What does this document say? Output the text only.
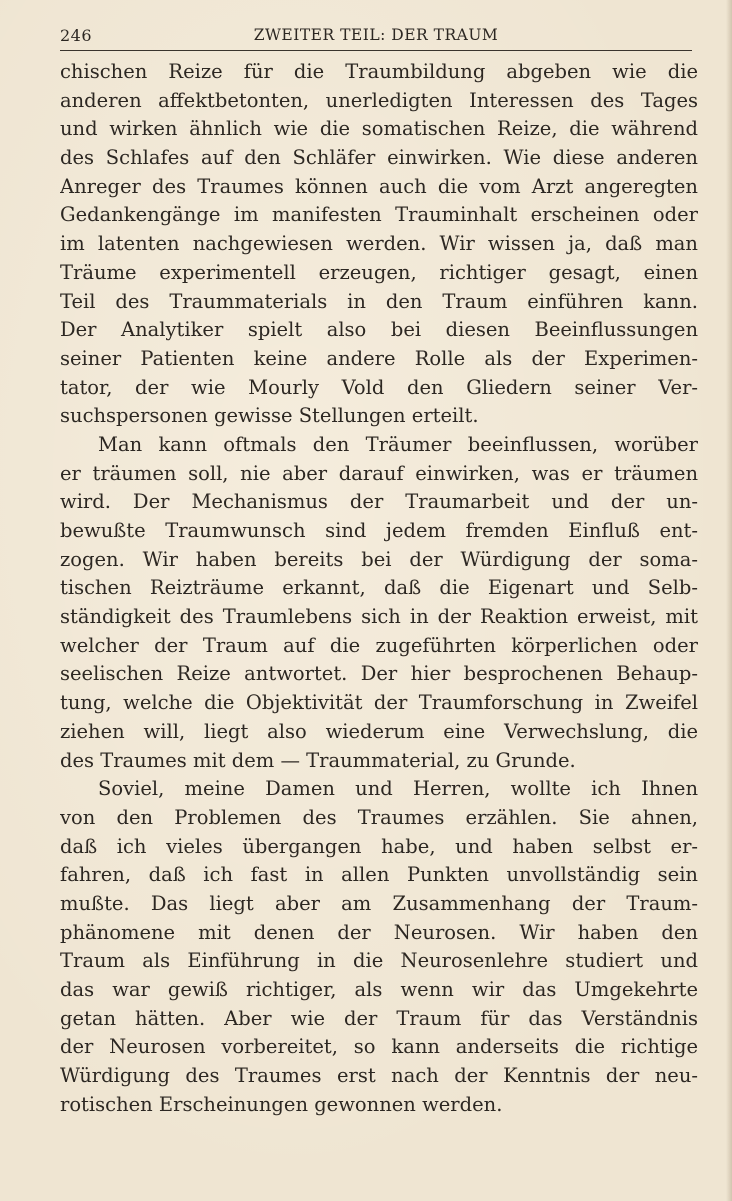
246	ZWEITER TEIL: DER TRAUM
chischen Reize für die Traumbildung abgeben wie die
anderen affektbetonten, unerledigten Interessen des Tages
und wirken ähnlich wie die somatischen Reize, die während
des Schlafes auf den Schläfer einwirken. Wie diese anderen
Anreger des Traumes können auch die vom Arzt angeregten
Gedankengänge im manifesten Trauminhalt erscheinen oder
im latenten nachgewiesen werden. Wir wissen ja, daß man
Träume experimentell erzeugen, richtiger gesagt, einen
Teil des Traummaterials in den Traum einführen kann.
Der Analytiker spielt also bei diesen Beeinflussungen
seiner Patienten keine andere Rolle als der Experimen-
tator, der wie Mourly Vold den Gliedern seiner Ver-
suchspersonen gewisse Stellungen erteilt.
Man kann oftmals den Träumer beeinflussen, worüber
er träumen soll, nie aber darauf einwirken, was er träumen
wird. Der Mechanismus der Traumarbeit und der un-
bewußte Traumwunsch sind jedem fremden Einfluß ent-
zogen. Wir haben bereits bei der Würdigung der soma-
tischen Reizträume erkannt, daß die Eigenart und Selb-
ständigkeit des Traumlebens sich in der Reaktion erweist, mit
welcher der Traum auf die zugeführten körperlichen oder
seelischen Reize antwortet. Der hier besprochenen Behaup-
tung, welche die Objektivität der Traumforschung in Zweifel
ziehen will, liegt also wiederum eine Verwechslung, die
des Traumes mit dem — Traummaterial, zu Grunde.
Soviel, meine Damen und Herren, wollte ich Ihnen
von den Problemen des Traumes erzählen. Sie ahnen,
daß ich vieles übergangen habe, und haben selbst er-
fahren, daß ich fast in allen Punkten unvollständig sein
mußte. Das liegt aber am Zusammenhang der Traum-
phänomene mit denen der Neurosen. Wir haben den
Traum als Einführung in die Neurosenlehre studiert und
das war gewiß richtiger, als wenn wir das Umgekehrte
getan hätten. Aber wie der Traum für das Verständnis
der Neurosen vorbereitet, so kann anderseits die richtige
Würdigung des Traumes erst nach der Kenntnis der neu-
rotischen Erscheinungen gewonnen werden.
